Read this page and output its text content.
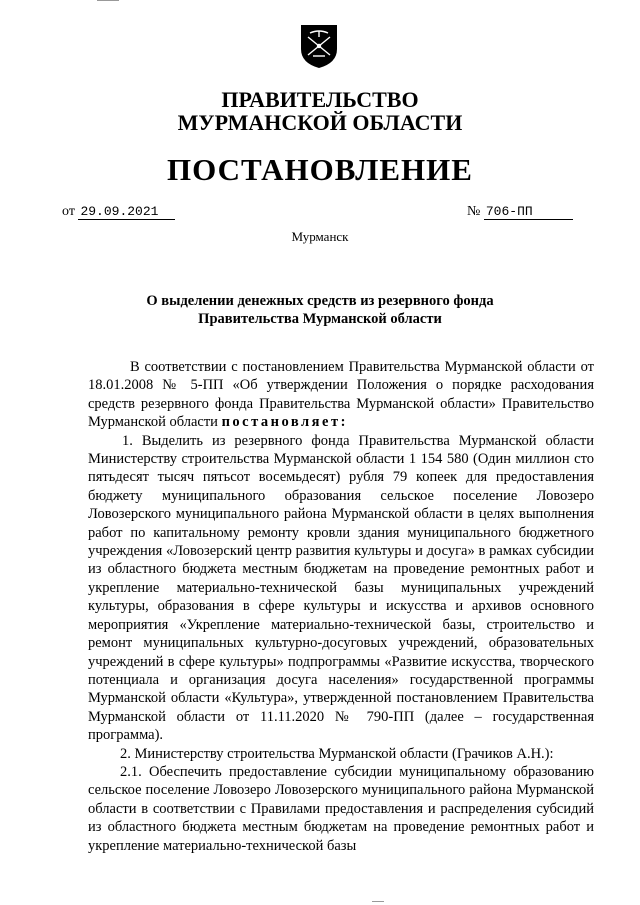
ПРАВИТЕЛЬСТВО
МУРМАНСКОЙ ОБЛАСТИ
ПОСТАНОВЛЕНИЕ
от 29.09.2021	№ 706-ПП
Мурманск
О выделении денежных средств из резервного фонда
Правительства Мурманской области

В соответствии с постановлением Правительства Мурманской области от 18.01.2008 № 5-ПП «Об утверждении Положения о порядке расходования средств резервного фонда Правительства Мурманской области» Правительство Мурманской области постановляет:

1. Выделить из резервного фонда Правительства Мурманской области Министерству строительства Мурманской области 1 154 580 (Один миллион сто пятьдесят тысяч пятьсот восемьдесят) рубля 79 копеек для предоставления бюджету муниципального образования сельское поселение Ловозеро Ловозерского муниципального района Мурманской области в целях выполнения работ по капитальному ремонту кровли здания муниципального бюджетного учреждения «Ловозерский центр развития культуры и досуга» в рамках субсидии из областного бюджета местным бюджетам на проведение ремонтных работ и укрепление материально-технической базы муниципальных учреждений культуры, образования в сфере культуры и искусства и архивов основного мероприятия «Укрепление материально-технической базы, строительство и ремонт муниципальных культурно-досуговых учреждений, образовательных учреждений в сфере культуры» подпрограммы «Развитие искусства, творческого потенциала и организация досуга населения» государственной программы Мурманской области «Культура», утвержденной постановлением Правительства Мурманской области от 11.11.2020 № 790-ПП (далее – государственная программа).

2. Министерству строительства Мурманской области (Грачиков А.Н.):

2.1. Обеспечить предоставление субсидии муниципальному образованию сельское поселение Ловозеро Ловозерского муниципального района Мурманской области в соответствии с Правилами предоставления и распределения субсидий из областного бюджета местным бюджетам на проведение ремонтных работ и укрепление материально-технической базы
